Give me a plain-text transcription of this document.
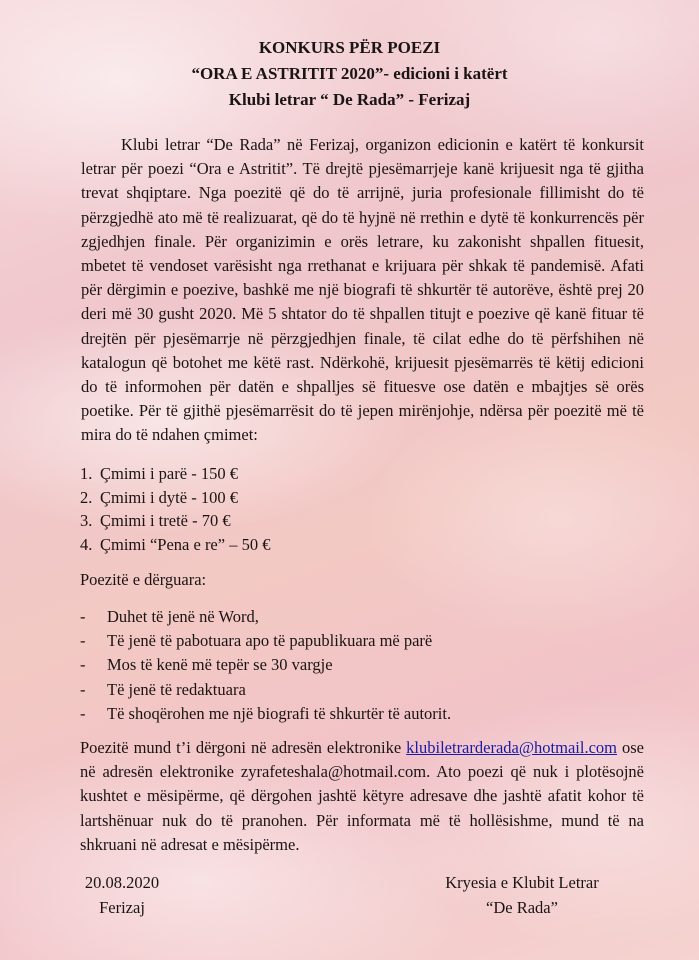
KONKURS PËR POEZI
“ORA E ASTRITIT 2020”- edicioni i katërt
Klubi letrar “ De Rada” - Ferizaj

Klubi letrar “De Rada” në Ferizaj, organizon edicionin e katërt të konkursit letrar për poezi “Ora e Astritit”. Të drejtë pjesëmarrjeje kanë krijuesit nga të gjitha trevat shqiptare. Nga poezitë që do të arrijnë, juria profesionale fillimisht do të përzgjedhë ato më të realizuarat, që do të hyjnë në rrethin e dytë të konkurrencës për zgjedhjen finale. Për organizimin e orës letrare, ku zakonisht shpallen fituesit, mbetet të vendoset varësisht nga rrethanat e krijuara për shkak të pandemisë. Afati për dërgimin e poezive, bashkë me një biografi të shkurtër të autorëve, është prej 20 deri më 30 gusht 2020. Më 5 shtator do të shpallen titujt e poezive që kanë fituar të drejtën për pjesëmarrje në përzgjedhjen finale, të cilat edhe do të përfshihen në katalogun që botohet me këtë rast. Ndërkohë, krijuesit pjesëmarrës të këtij edicioni do të informohen për datën e shpalljes së fituesve ose datën e mbajtjes së orës poetike. Për të gjithë pjesëmarrësit do të jepen mirënjohje, ndërsa për poezitë më të mira do të ndahen çmimet:

1. Çmimi i parë - 150 €
2. Çmimi i dytë - 100 €
3. Çmimi i tretë - 70 €
4. Çmimi “Pena e re” – 50 €
Poezitë e dërguara:
-	Duhet të jenë në Word,
-	Të jenë të pabotuara apo të papublikuara më parë
-	Mos të kenë më tepër se 30 vargje
-	Të jenë të redaktuara
-	Të shoqërohen me një biografi të shkurtër të autorit.

Poezitë mund t’i dërgoni në adresën elektronike klubiletrarderada@hotmail.com ose në adresën elektronike zyrafeteshala@hotmail.com. Ato poezi që nuk i plotësojnë kushtet e mësipërme, që dërgohen jashtë këtyre adresave dhe jashtë afatit kohor të lartshënuar nuk do të pranohen. Për informata më të hollësishme, mund të na shkruani në adresat e mësipërme.

20.08.2020
Ferizaj
Kryesia e Klubit Letrar
“De Rada”
